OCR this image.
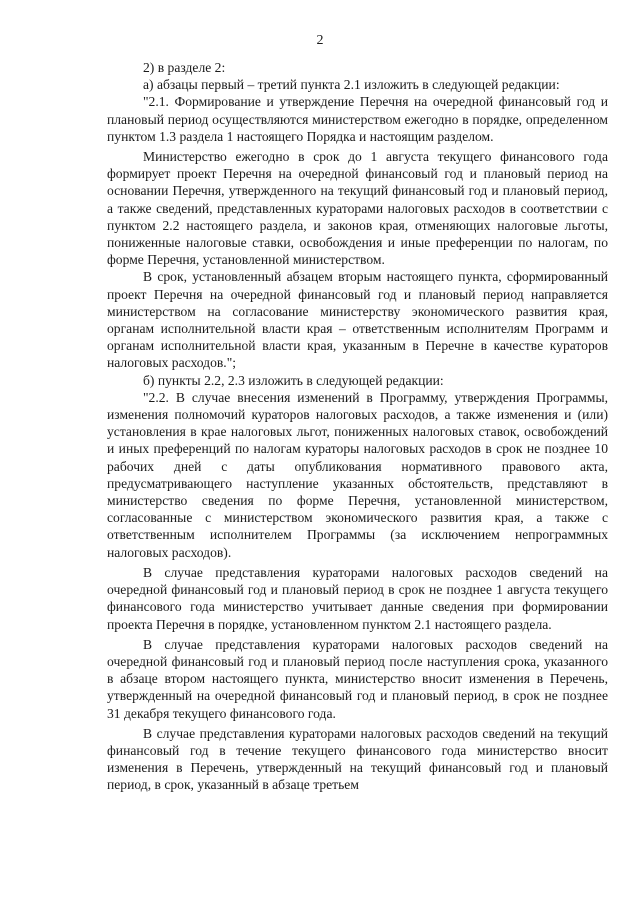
2

2) в разделе 2:

а) абзацы первый – третий пункта 2.1 изложить в следующей редакции:

"2.1. Формирование и утверждение Перечня на очередной финансовый год и плановый период осуществляются министерством ежегодно в порядке, определенном пунктом 1.3 раздела 1 настоящего Порядка и настоящим разделом.

Министерство ежегодно в срок до 1 августа текущего финансового года формирует проект Перечня на очередной финансовый год и плановый период на основании Перечня, утвержденного на текущий финансовый год и плановый период, а также сведений, представленных кураторами налоговых расходов в соответствии с пунктом 2.2 настоящего раздела, и законов края, отменяющих налоговые льготы, пониженные налоговые ставки, освобождения и иные преференции по налогам, по форме Перечня, установленной министерством.

В срок, установленный абзацем вторым настоящего пункта, сформированный проект Перечня на очередной финансовый год и плановый период направляется министерством на согласование министерству экономического развития края, органам исполнительной власти края – ответственным исполнителям Программ и органам исполнительной власти края, указанным в Перечне в качестве кураторов налоговых расходов.";

б) пункты 2.2, 2.3 изложить в следующей редакции:

"2.2. В случае внесения изменений в Программу, утверждения Программы, изменения полномочий кураторов налоговых расходов, а также изменения и (или) установления в крае налоговых льгот, пониженных налоговых ставок, освобождений и иных преференций по налогам кураторы налоговых расходов в срок не позднее 10 рабочих дней с даты опубликования нормативного правового акта, предусматривающего наступление указанных обстоятельств, представляют в министерство сведения по форме Перечня, установленной министерством, согласованные с министерством экономического развития края, а также с ответственным исполнителем Программы (за исключением непрограммных налоговых расходов).

В случае представления кураторами налоговых расходов сведений на очередной финансовый год и плановый период в срок не позднее 1 августа текущего финансового года министерство учитывает данные сведения при формировании проекта Перечня в порядке, установленном пунктом 2.1 настоящего раздела.

В случае представления кураторами налоговых расходов сведений на очередной финансовый год и плановый период после наступления срока, указанного в абзаце втором настоящего пункта, министерство вносит изменения в Перечень, утвержденный на очередной финансовый год и плановый период, в срок не позднее 31 декабря текущего финансового года.

В случае представления кураторами налоговых расходов сведений на текущий финансовый год в течение текущего финансового года министерство вносит изменения в Перечень, утвержденный на текущий финансовый год и плановый период, в срок, указанный в абзаце третьем
